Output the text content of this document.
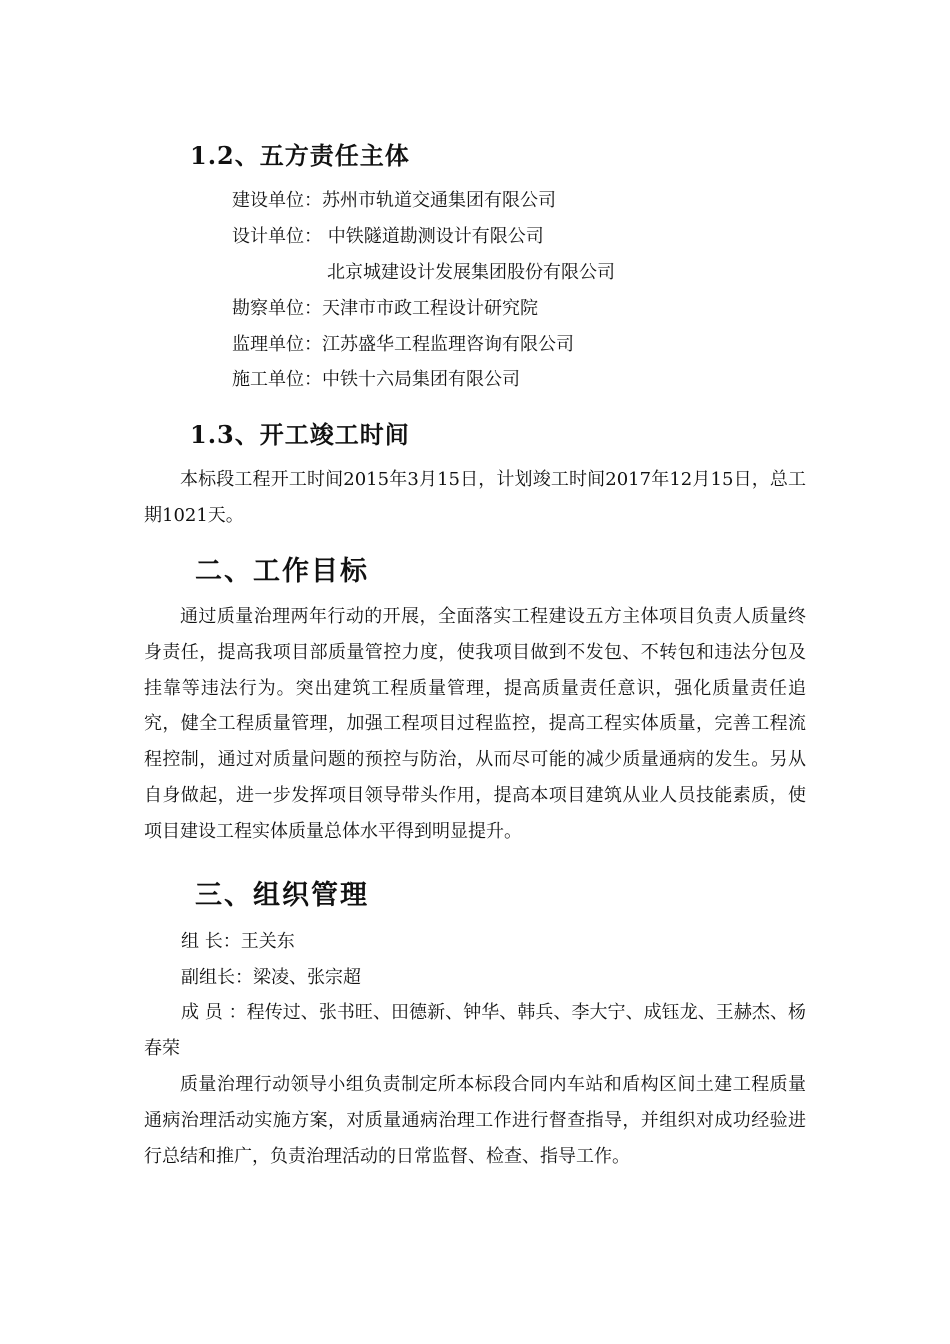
1.2、五方责任主体
建设单位：苏州市轨道交通集团有限公司
设计单位： 中铁隧道勘测设计有限公司
北京城建设计发展集团股份有限公司
勘察单位：天津市市政工程设计研究院
监理单位：江苏盛华工程监理咨询有限公司
施工单位：中铁十六局集团有限公司
1.3、开工竣工时间
本标段工程开工时间2015年3月15日，计划竣工时间2017年12月15日，总工期1021天。
二、工作目标
通过质量治理两年行动的开展，全面落实工程建设五方主体项目负责人质量终身责任，提高我项目部质量管控力度，使我项目做到不发包、不转包和违法分包及挂靠等违法行为。突出建筑工程质量管理，提高质量责任意识，强化质量责任追究，健全工程质量管理，加强工程项目过程监控，提高工程实体质量，完善工程流程控制，通过对质量问题的预控与防治，从而尽可能的减少质量通病的发生。另从自身做起，进一步发挥项目领导带头作用，提高本项目建筑从业人员技能素质，使项目建设工程实体质量总体水平得到明显提升。
三、组织管理
组 长：王关东
副组长：梁凌、张宗超
成 员 ：程传过、张书旺、田德新、钟华、韩兵、李大宁、成钰龙、王赫杰、杨春荣
质量治理行动领导小组负责制定所本标段合同内车站和盾构区间土建工程质量通病治理活动实施方案，对质量通病治理工作进行督查指导，并组织对成功经验进行总结和推广，负责治理活动的日常监督、检查、指导工作。
